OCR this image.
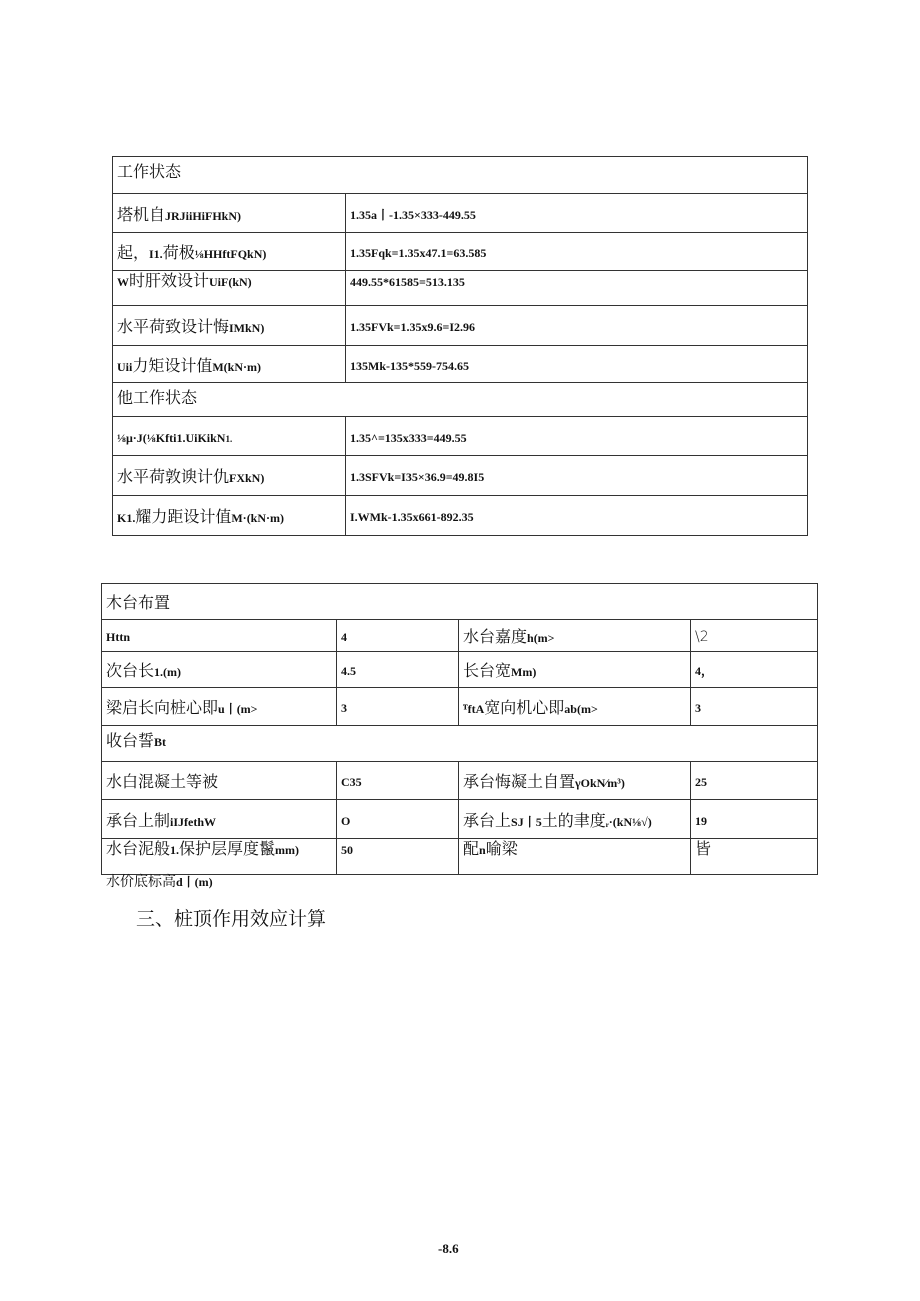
工作状态	
塔机自JRJiiHiFHkN)	1.35a丨-1.35×333-449.55
起，I1.荷极⅛HHftFQkN)	1.35Fqk=1.35x47.1=63.585
W时肝效设计UiF(kN)	449.55*61585=513.135
水平荷致设计悔IMkN)	1.35FVk=1.35x9.6=I2.96
Uii力矩设计值M(kN·m)	135Mk-135*559-754.65
他工作状态	
⅛μ·J(⅛Kfti1.UiKikN1.	1.35^=135x333=449.55
水平荷敦谀计仇FXkN)	1.3SFVk=I35×36.9=49.8I5
K1.耀力距设计值M·(kN·m)	I.WMk-1.35x661-892.35
木台布置			
Httn	4	水台嘉度h(m>	\2
次台长1.(m)	4.5	长台宽Mm)	4，
梁启长向桩心即u丨(m>	3	ᵀftA宽向机心即ab(m>	3
收台誓Bt			
水白混凝土等被	C35	承台悔凝土自置γOkN∕m³)	25
承台上制iIJfethW	O	承台上SJ丨5土的聿度ᵣ·(kN⅛√)	19
水台泥般1.保护层厚度鬣mm)	50	配n喻梁	皆
水价底标高d丨(m)
三、桩顶作用效应计算
-8.6
